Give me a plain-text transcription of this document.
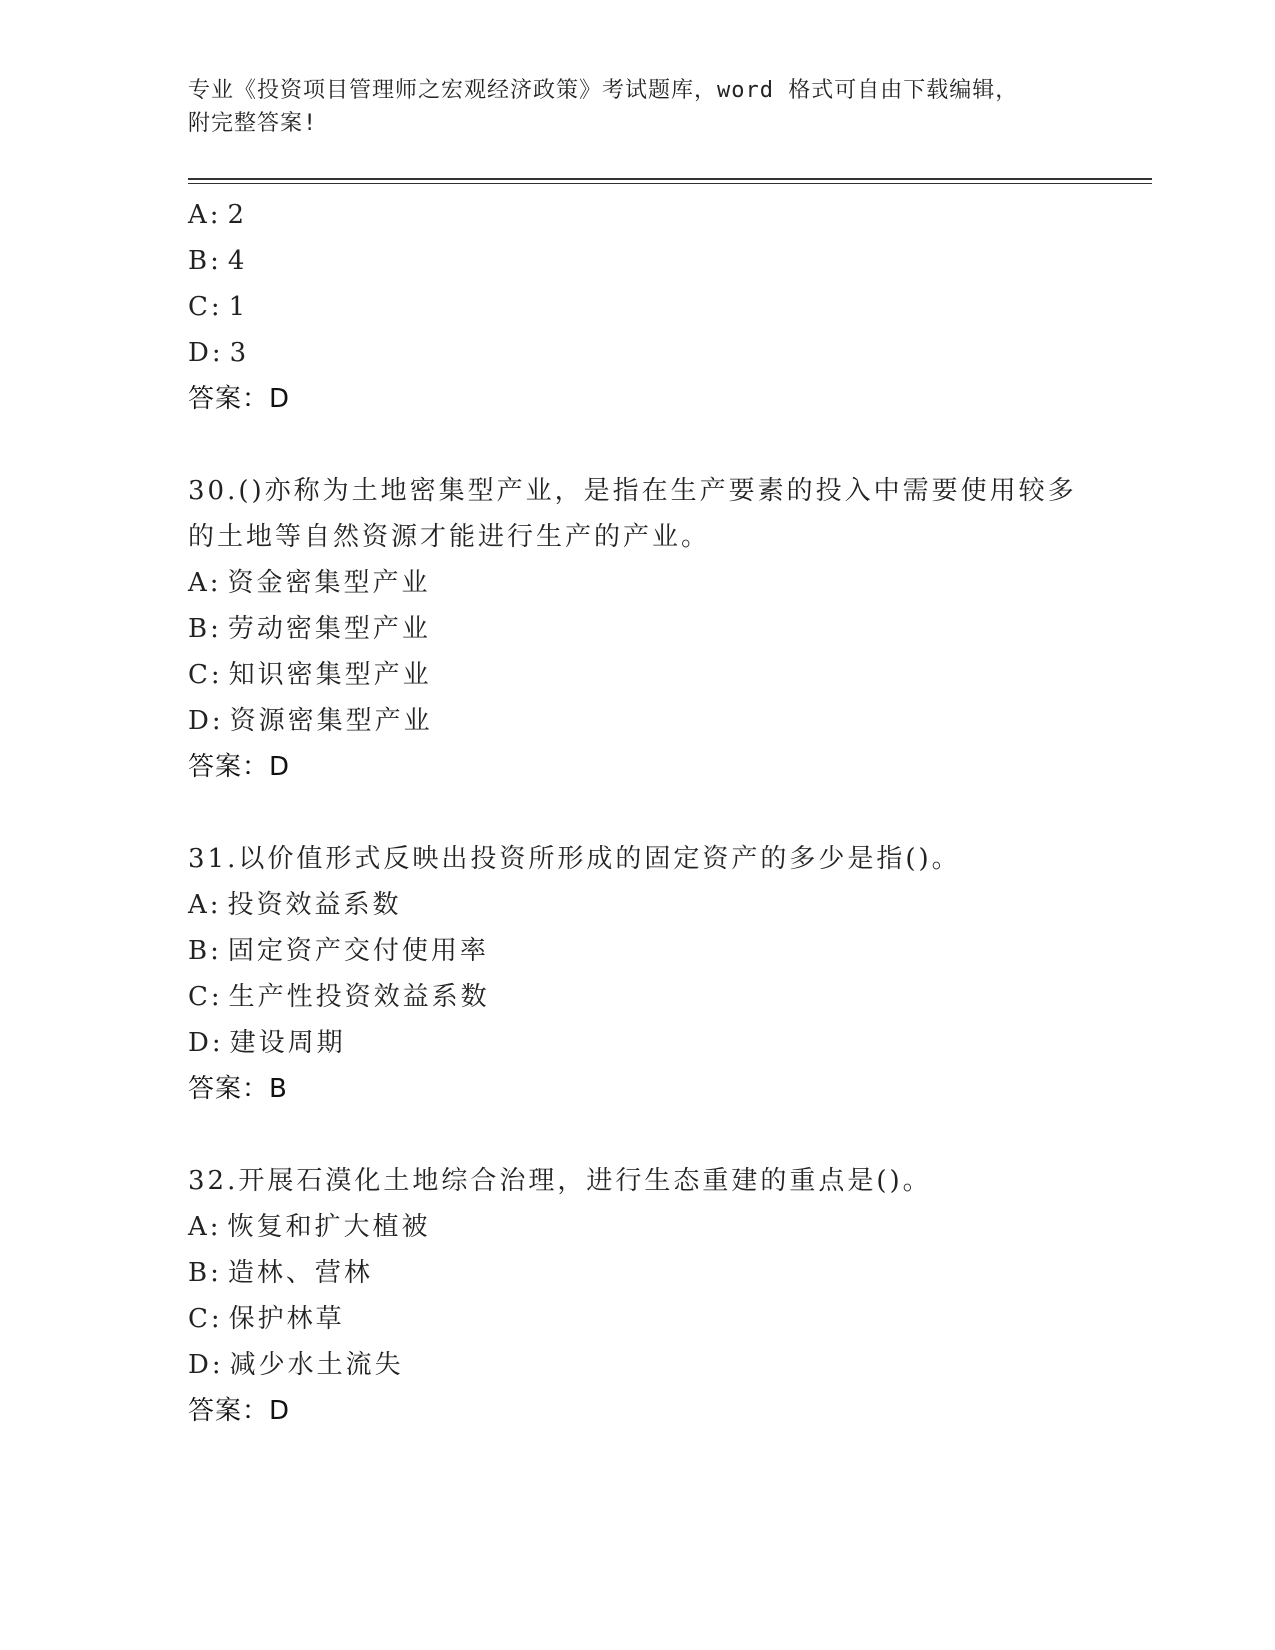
专业《投资项目管理师之宏观经济政策》考试题库，word 格式可自由下载编辑，
附完整答案!
A: 2
B: 4
C: 1
D: 3
答案：D
30.()亦称为土地密集型产业，是指在生产要素的投入中需要使用较多
的土地等自然资源才能进行生产的产业。
A: 资金密集型产业
B: 劳动密集型产业
C: 知识密集型产业
D: 资源密集型产业
答案：D
31.以价值形式反映出投资所形成的固定资产的多少是指()。
A: 投资效益系数
B: 固定资产交付使用率
C: 生产性投资效益系数
D: 建设周期
答案：B
32.开展石漠化土地综合治理，进行生态重建的重点是()。
A: 恢复和扩大植被
B: 造林、营林
C: 保护林草
D: 减少水土流失
答案：D
